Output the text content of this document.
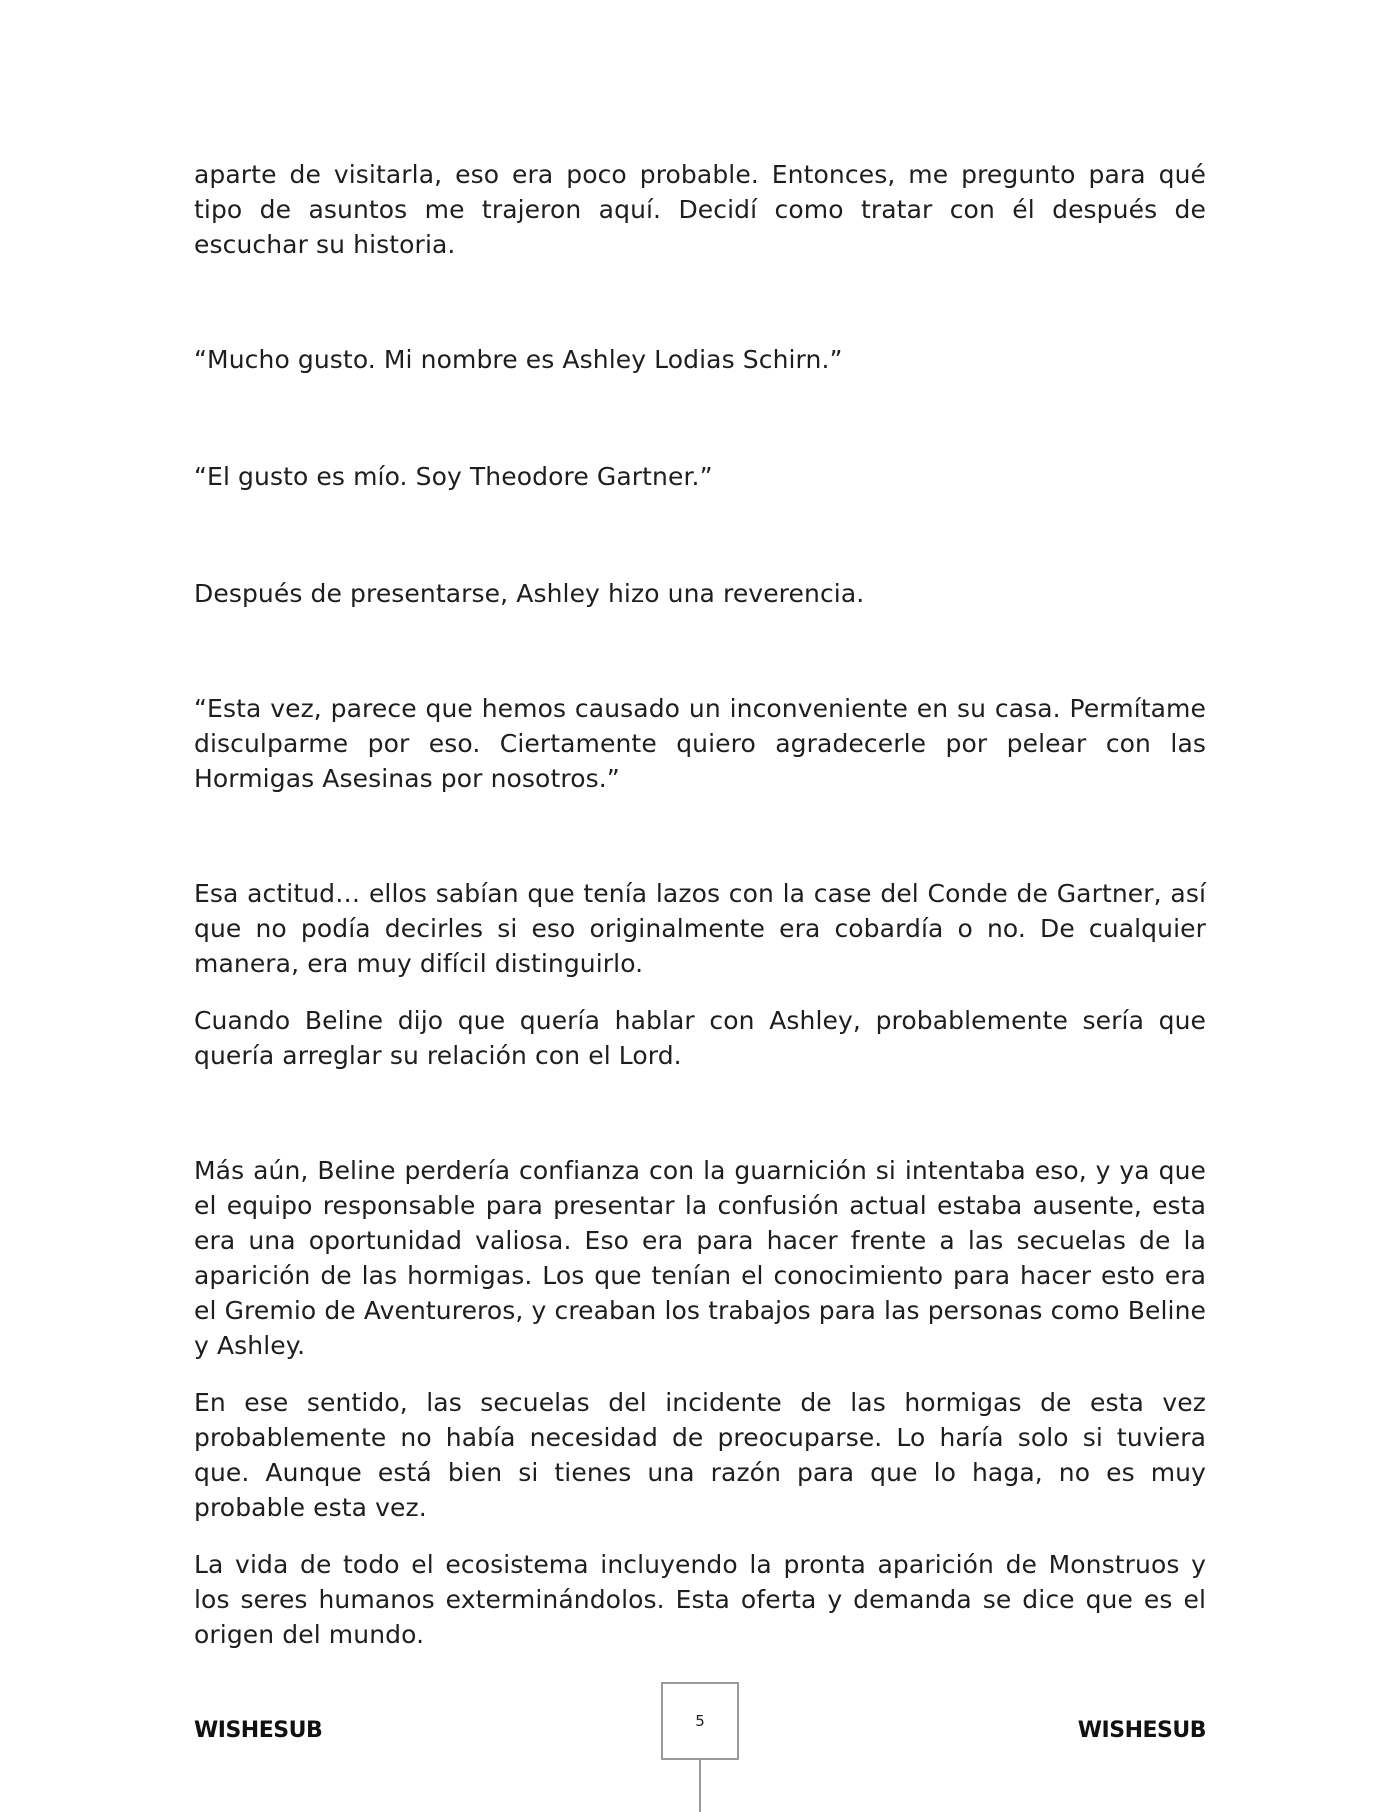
aparte de visitarla, eso era poco probable. Entonces, me pregunto para qué tipo de asuntos me trajeron aquí. Decidí como tratar con él después de escuchar su historia.

“Mucho gusto. Mi nombre es Ashley Lodias Schirn.”

“El gusto es mío. Soy Theodore Gartner.”

Después de presentarse, Ashley hizo una reverencia.

“Esta vez, parece que hemos causado un inconveniente en su casa. Permítame disculparme por eso. Ciertamente quiero agradecerle por pelear con las Hormigas Asesinas por nosotros.”

Esa actitud… ellos sabían que tenía lazos con la case del Conde de Gartner, así que no podía decirles si eso originalmente era cobardía o no. De cualquier manera, era muy difícil distinguirlo.

Cuando Beline dijo que quería hablar con Ashley, probablemente sería que quería arreglar su relación con el Lord.

Más aún, Beline perdería confianza con la guarnición si intentaba eso, y ya que el equipo responsable para presentar la confusión actual estaba ausente, esta era una oportunidad valiosa. Eso era para hacer frente a las secuelas de la aparición de las hormigas. Los que tenían el conocimiento para hacer esto era el Gremio de Aventureros, y creaban los trabajos para las personas como Beline y Ashley.

En ese sentido, las secuelas del incidente de las hormigas de esta vez probablemente no había necesidad de preocuparse. Lo haría solo si tuviera que. Aunque está bien si tienes una razón para que lo haga, no es muy probable esta vez.

La vida de todo el ecosistema incluyendo la pronta aparición de Monstruos y los seres humanos exterminándolos. Esta oferta y demanda se dice que es el origen del mundo.

WISHESUB	5	WISHESUB
